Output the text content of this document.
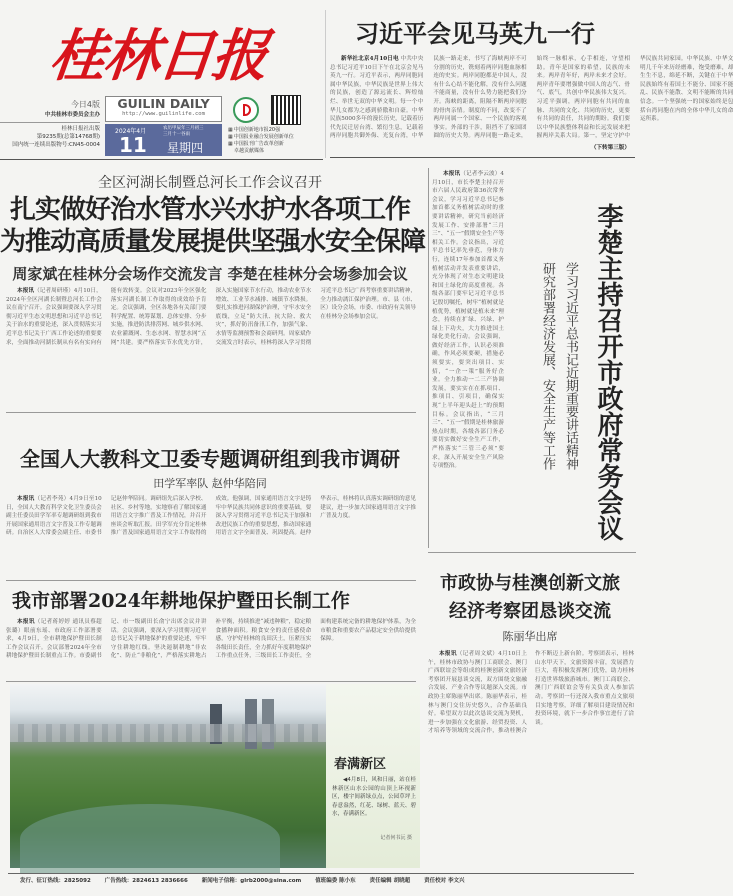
桂林日报
今日4版
中共桂林市委员会主办
桂林日报社出版
第9235期(总第14768期)
国内统一连续出版物号:CN45-0004
GUILIN DAILY
http://www.guilinlife.com
2024年4月
11
农历甲辰年三月初三
三月十一谷雨
星期四
▦ 中国创新地市报20强
▦ 中国报业融合发展创新单位
▦ 中国报刊广告改革创新
卓越贡献媒体
习近平会见马英九一行
新华社北京4月10日电 中共中央总书记习近平10日下午在北京会见马英九一行。习近平表示，两岸同胞同属中华民族，中华民族是世界上伟大的民族，创造了源远流长、辉煌灿烂、举世无双的中华文明。每一个中华儿女都为之感到骄傲和自豪。中华民族5000多年的漫长历史，记载着历代先民迁居台湾、繁衍生息，记载着两岸同胞共御外侮、光复台湾，中华民族一路走来，书写了海峡两岸不可分割的历史，镌刻着两岸同胞血脉相连的史实。两岸同胞都是中国人，没有什么心结不能化解，没有什么问题不能商量，没有什么势力能把我们分开。海峡的距离，阻隔不断两岸同胞的骨肉亲情。制度的不同，改变不了两岸同属一个国家、一个民族的客观事实。外部的干涉，阻挡不了家国团圆的历史大势。两岸同胞一路走来，始终一脉相承，心手相连，守望相助。青年是国家的希望，民族的未来。两岸青年好，两岸未来才会好。两岸青年要增强做中国人的志气、骨气、底气，共创中华民族伟大复兴。习近平强调，两岸同胞有共同的血脉、共同的文化、共同的历史，更要有共同的责任，共同的期盼。我们要以中华民族整体利益和长远发展来把握两岸关系大局。第一，坚定守护中华民族共同家园。中华民族、中华文明几千年来历经磨难，饱受磨难，却生生不息，绵延不断，关键在于中华民族始终有着国土不能分、国家不能乱、民族不能散、文明不能断的共同信念。一个坚强统一的国家始终是包括台湾同胞在内的全体中华儿女的命运所系。
（下转第三版）
全区河湖长制暨总河长工作会议召开
扎实做好治水管水兴水护水各项工作
为推动高质量发展提供坚强水安全保障
周家斌在桂林分会场作交流发言 李楚在桂林分会场参加会议
本报讯（记者周研瑾）4月10日，2024年全区河湖长制暨总河长工作会议在南宁召开。会议强调要深入学习贯彻习近平生态文明思想和习近平总书记关于治水的重要论述，深入贯彻落实习近平总书记关于广西工作论述的重要要求，全面推动河湖长制从有名有实向有能有效转变。会议对2023年全区强化落实河湖长制工作取得的成效给予肯定。会议强调，全区各地各有关部门要科学配置、统筹谋划、总体安排、分步实施，推进防洪排涝网、城乡供水网、农业灌溉网、生态水网、智慧水网“五网”共建。要严格落实节水优先方针，深入实施国家节水行动，推动农业节水增效、工业节水减排、城镇节水降损。要扎实推进河湖保护治理，守牢水安全底线，立足“防大汛、抗大险、救大灾”，抓好防汛备汛工作，加强气象、水情等监测预警和会商研判。周家斌作交流发言时表示，桂林将深入学习贯彻习近平总书记广西考察重要讲话精神，全力推动漓江保护治理。市、县（市、区）设分会场，市委、市政府有关领导在桂林分会场参加会议。
本报讯（记者李云波）4月10日，市长李楚主持召开市六届人民政府第36次常务会议，学习习近平总书记参加首都义务植树活动时的重要讲话精神，研究当前经济发展工作、安排部署“三月三”、“五一”假期安全生产等相关工作。会议指出，习近平总书记率先垂范，身体力行，连续17年参加首都义务植树活动并发表重要讲话，充分体现了对生态文明建设和国土绿化的高度重视。各级各部门要牢记习近平总书记殷切嘱托，树牢“植树就是植优势，植树就是植未来”理念，持续在扩绿、兴绿、护绿上下功夫，大力推进国土绿化美化行动。会议强调，做好经济工作，认识必须准确，作风必须要硬，措施必须要实，要突出项目、实招，“一企一策”服务好企业。全力推动一二三产协调发展，要实实在在抓项目、推项目、引项目，确保实现“上半年迎头赶上”的预期目标。会议指出，“三月三”、“五一”假期是桂林旅游热点时期，各级各部门务必要切实做好安全生产工作，严格落实“三管三必须”要求，深入开展安全生产风险专项整治。	李楚主持召开市政府常务会议
学习习近平总书记近期重要讲话精神
研究部署经济发展、安全生产等工作
全国人大教科文卫委专题调研组到我市调研
田学军率队 赵仲华陪同
本报讯（记者李苑）4月9日至10日，全国人大教育科学文化卫生委员会副主任委员田学军率专题调研组到我市开展国家通用语言文字普及工作专题调研。自治区人大常委会副主任、市委书记赵仲华陪同。调研组先后深入学校、社区、乡村等地，实地察看了解国家通用语言文字推广普及工作情况，并召开座谈会听取汇报。田学军充分肯定桂林推广普及国家通用语言文字工作取得的成效。他强调，国家通用语言文字是铸牢中华民族共同体意识的重要基础，要深入学习贯彻习近平总书记关于加强和改进民族工作的重要思想，推动国家通用语言文字全面普及、巩固提高。赵仲华表示，桂林将认真落实调研组的意见建议，进一步加大国家通用语言文字推广普及力度。
我市部署2024年耕地保护暨田长制工作
本报讯（记者蒋婷婷 通讯员蔡超 张璐）眼前东瑶、市政府工作部署要求，4月9日，全市耕地保护暨田长制工作会议召开。会议部署2024年全市耕地保护暨田长制重点工作。市委副书记、市一级副田长俞宁出席会议并讲话。会议强调，要深入学习贯彻习近平总书记关于耕地保护的重要论述，牢牢守住耕地红线。坚决遏制耕地“非农化”、防止“非粮化”，严格落实耕地占补平衡，持续推进“减违种粮”，稳定粮食播种面积。粮食安全的责任感使命感，守护好桂林的良田沃土，压紧压实各级田长责任，全力抓好年度耕地保护工作重点任务，三级田长工作责任，全面构建系统完备的耕地保护体系，为全市粮食和重要农产品稳定安全供给提供保障。
春满新区
◀4月8日，风和日丽，站在桂林新区山水公园的山顶上环视新区，楼宇间新绿点点，公园草坪上春意盎然，红花、绿树、蓝天、碧水，春满新区。
记者何书沅 摄
市政协与桂澳创新文旅
经济考察团恳谈交流
陈丽华出席
本报讯（记者周文斌）4月10日上午，桂林市政协与澳门工商联会、澳门广西联谊会等组成的桂澳创新文旅经济考察团开展恳谈交流，双方围绕文旅融合发展、产业合作等议题深入交流。市政协主席陈丽华出席。陈丽华表示，桂林与澳门交往历史悠久，合作基础良好。希望双方以此次恳谈交流为契机，进一步加强在文化旅游、经贸投资、人才培养等领域的交流合作，推动桂澳合作不断迈上新台阶。考察团表示，桂林山水甲天下，文旅资源丰富，发展潜力巨大，将积极发挥澳门优势，助力桂林打造世界级旅游城市。澳门工商联会、澳门广西联谊会等有关负责人参加活动。考察团一行还深入我市重点文旅项目实地考察，详细了解项目建设情况和投资环境，就下一步合作事宜进行了洽谈。
发行、征订热线：2825092	广告热线：2824613 2836666	新闻电子信箱：glrb2000@sina.com	值班编委 陈小东	责任编辑 胡晓超	责任校对 李文兴
